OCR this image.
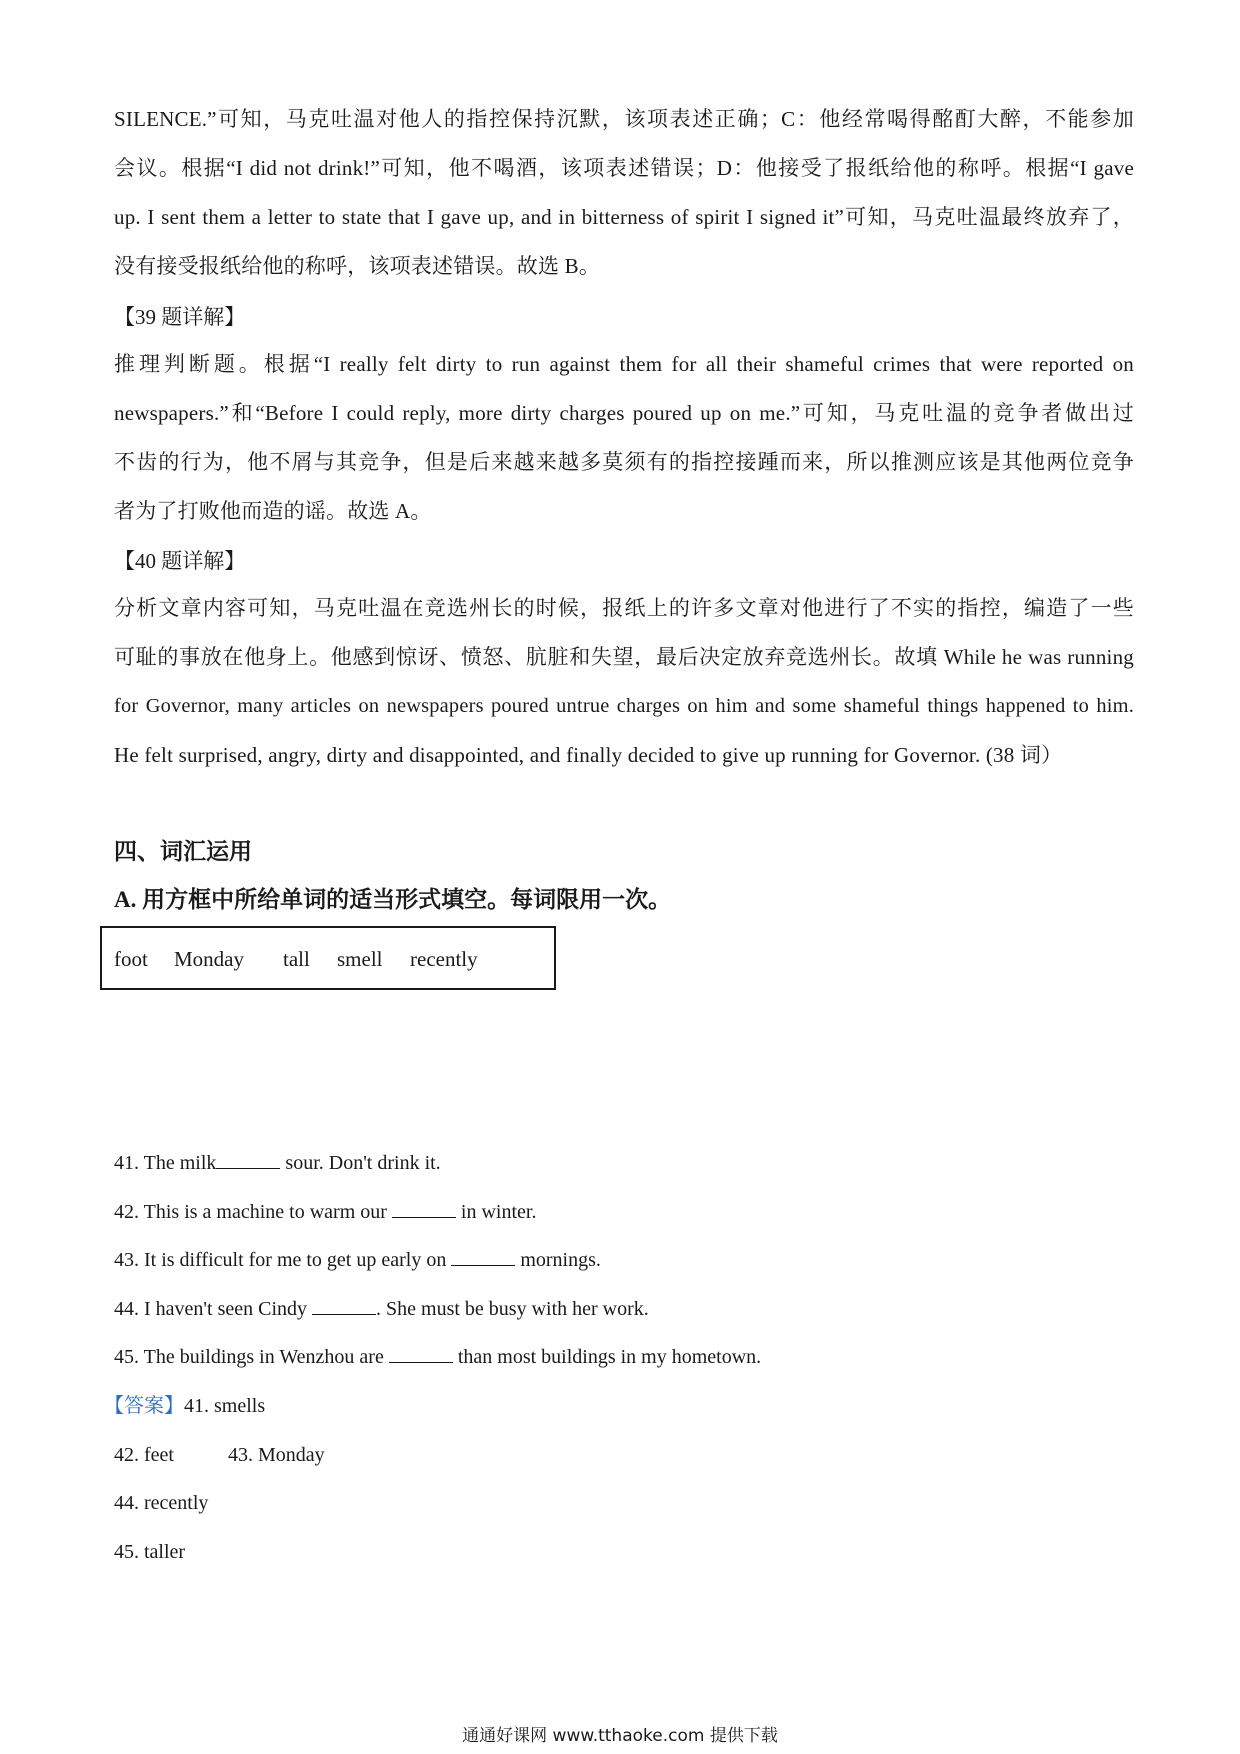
SILENCE.”可知，马克吐温对他人的指控保持沉默，该项表述正确；C：他经常喝得酩酊大醉，不能参加
会议。根据“I did not drink!”可知，他不喝酒，该项表述错误；D：他接受了报纸给他的称呼。根据“I gave
up. I sent them a letter to state that I gave up, and in bitterness of spirit I signed it”可知，马克吐温最终放弃了，
没有接受报纸给他的称呼，该项表述错误。故选 B。
【39 题详解】
推理判断题。根据“I really felt dirty to run against them for all their shameful crimes that were reported on
newspapers.”和“Before I could reply, more dirty charges poured up on me.”可知，马克吐温的竞争者做出过
不齿的行为，他不屑与其竞争，但是后来越来越多莫须有的指控接踵而来，所以推测应该是其他两位竞争
者为了打败他而造的谣。故选 A。
【40 题详解】
分析文章内容可知，马克吐温在竞选州长的时候，报纸上的许多文章对他进行了不实的指控，编造了一些
可耻的事放在他身上。他感到惊讶、愤怒、肮脏和失望，最后决定放弃竞选州长。故填 While he was running
for Governor, many articles on newspapers poured untrue charges on him and some shameful things happened to him.
He felt surprised, angry, dirty and disappointed, and finally decided to give up running for Governor. (38 词）
四、词汇运用
A. 用方框中所给单词的适当形式填空。每词限用一次。
foot Monday tall smell recently
41. The milk	sour. Don't drink it.
42. This is a machine to warm our	in winter.
43. It is difficult for me to get up early on	mornings.
44. I haven't seen Cindy	. She must be busy with her work.
45. The buildings in Wenzhou are	than most buildings in my hometown.
【答案】41. smells
42. feet	43. Monday
44. recently
45. taller
通通好课网 www.tthaoke.com 提供下载
